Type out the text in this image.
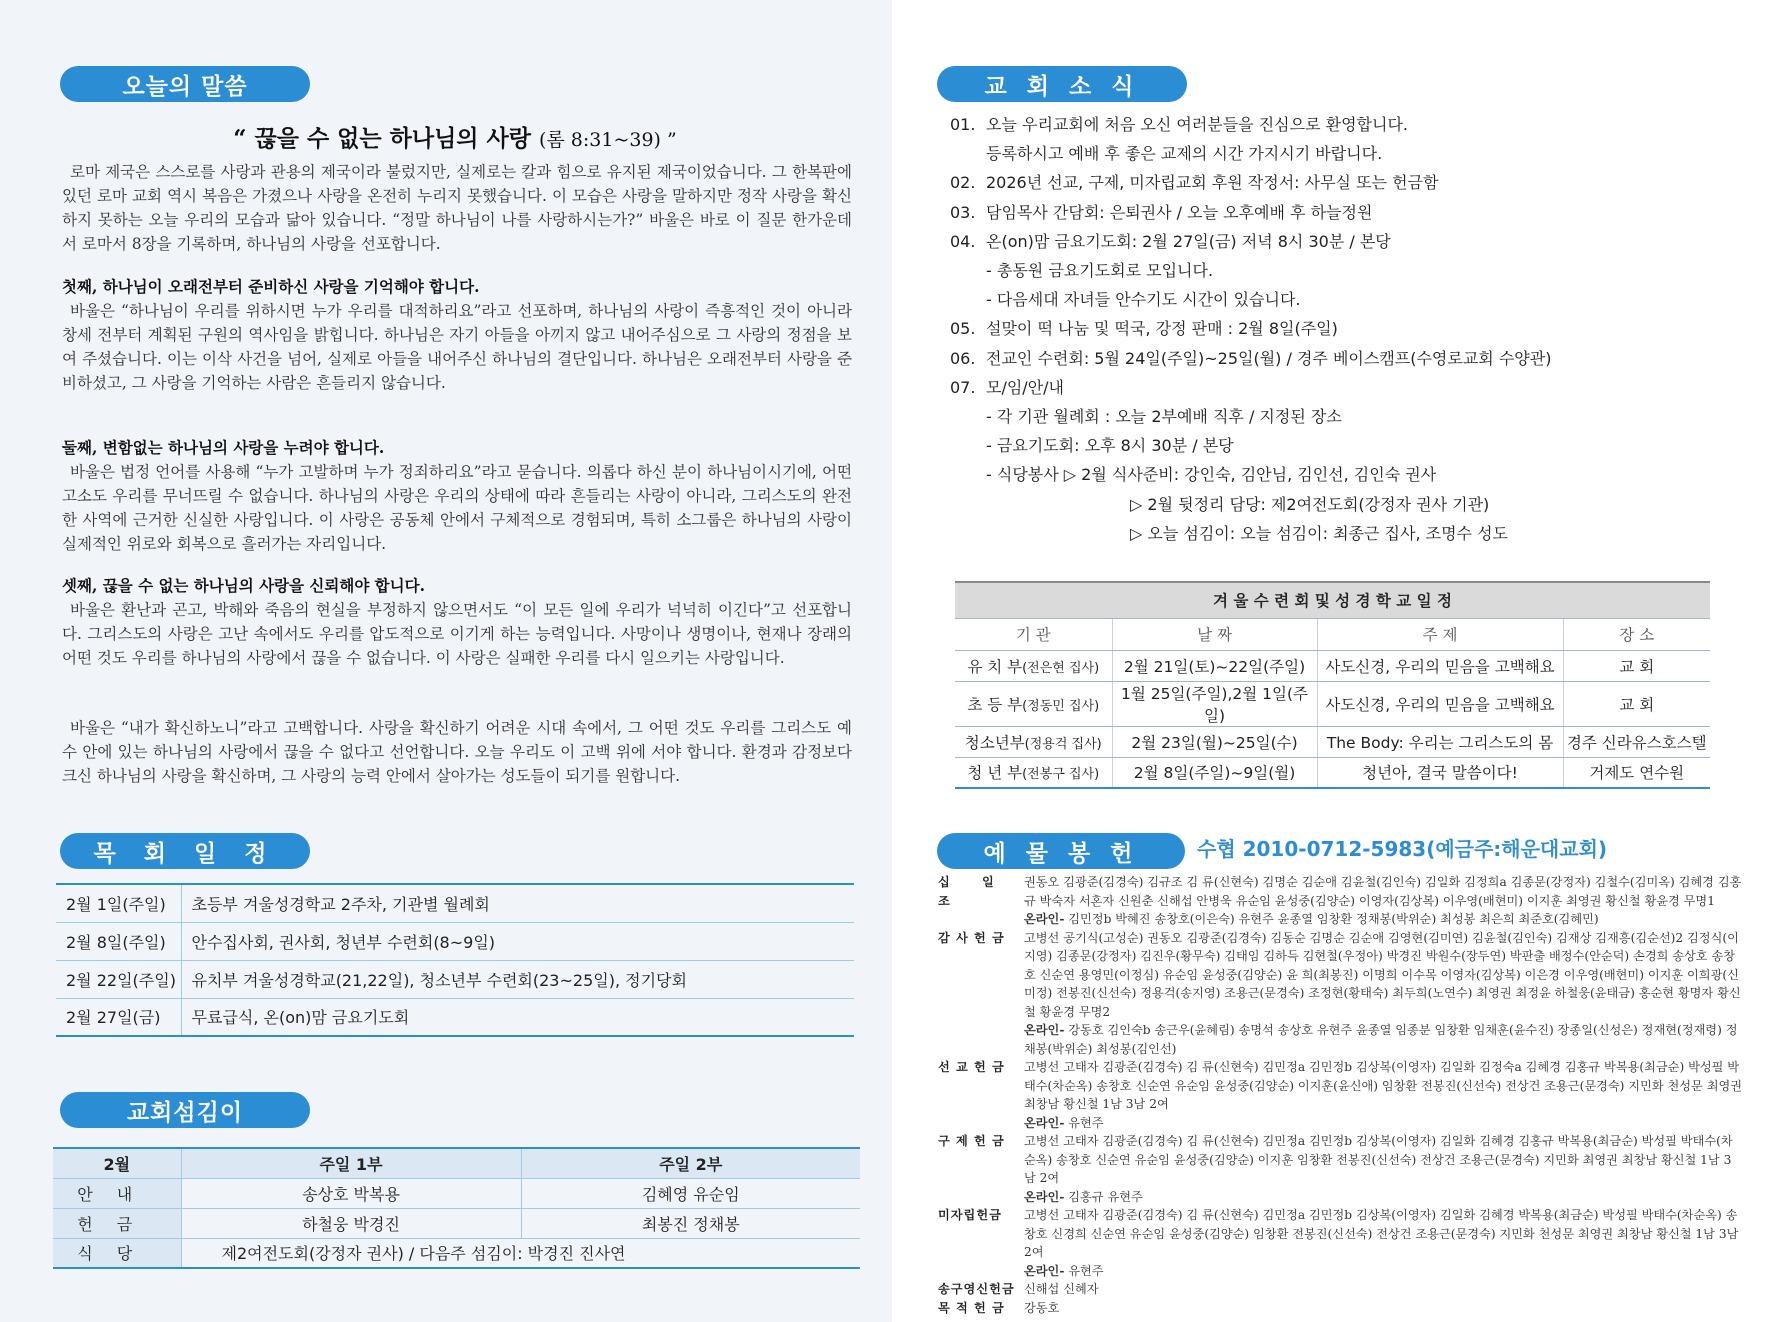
오늘의 말씀
“ 끊을 수 없는 하나님의 사랑 (롬 8:31~39) ”
로마 제국은 스스로를 사랑과 관용의 제국이라 불렀지만, 실제로는 칼과 힘으로 유지된 제국이었습니다. 그 한복판에 있던 로마 교회 역시 복음은 가졌으나 사랑을 온전히 누리지 못했습니다. 이 모습은 사랑을 말하지만 정작 사랑을 확신하지 못하는 오늘 우리의 모습과 닮아 있습니다. “정말 하나님이 나를 사랑하시는가?” 바울은 바로 이 질문 한가운데서 로마서 8장을 기록하며, 하나님의 사랑을 선포합니다.
첫째, 하나님이 오래전부터 준비하신 사랑을 기억해야 합니다.
바울은 “하나님이 우리를 위하시면 누가 우리를 대적하리요”라고 선포하며, 하나님의 사랑이 즉흥적인 것이 아니라 창세 전부터 계획된 구원의 역사임을 밝힙니다. 하나님은 자기 아들을 아끼지 않고 내어주심으로 그 사랑의 정점을 보여 주셨습니다. 이는 이삭 사건을 넘어, 실제로 아들을 내어주신 하나님의 결단입니다. 하나님은 오래전부터 사랑을 준비하셨고, 그 사랑을 기억하는 사람은 흔들리지 않습니다.
둘째, 변함없는 하나님의 사랑을 누려야 합니다.
바울은 법정 언어를 사용해 “누가 고발하며 누가 정죄하리요”라고 묻습니다. 의롭다 하신 분이 하나님이시기에, 어떤 고소도 우리를 무너뜨릴 수 없습니다. 하나님의 사랑은 우리의 상태에 따라 흔들리는 사랑이 아니라, 그리스도의 완전한 사역에 근거한 신실한 사랑입니다. 이 사랑은 공동체 안에서 구체적으로 경험되며, 특히 소그룹은 하나님의 사랑이 실제적인 위로와 회복으로 흘러가는 자리입니다.
셋째, 끊을 수 없는 하나님의 사랑을 신뢰해야 합니다.
바울은 환난과 곤고, 박해와 죽음의 현실을 부정하지 않으면서도 “이 모든 일에 우리가 넉넉히 이긴다”고 선포합니다. 그리스도의 사랑은 고난 속에서도 우리를 압도적으로 이기게 하는 능력입니다. 사망이나 생명이나, 현재나 장래의 어떤 것도 우리를 하나님의 사랑에서 끊을 수 없습니다. 이 사랑은 실패한 우리를 다시 일으키는 사랑입니다.
바울은 “내가 확신하노니”라고 고백합니다. 사랑을 확신하기 어려운 시대 속에서, 그 어떤 것도 우리를 그리스도 예수 안에 있는 하나님의 사랑에서 끊을 수 없다고 선언합니다. 오늘 우리도 이 고백 위에 서야 합니다. 환경과 감정보다 크신 하나님의 사랑을 확신하며, 그 사랑의 능력 안에서 살아가는 성도들이 되기를 원합니다.
목 회 일 정
2월 1일(주일)	초등부 겨울성경학교 2주차, 기관별 월례회
2월 8일(주일)	안수집사회, 권사회, 청년부 수련회(8~9일)
2월 22일(주일)	유치부 겨울성경학교(21,22일), 청소년부 수련회(23~25일), 정기당회
2월 27일(금)	무료급식, 온(on)맘 금요기도회
교회섬김이
2월	주일 1부	주일 2부
안내	송상호 박복용	김혜영 유순임
헌금	하철웅 박경진	최봉진 정채봉
식당	제2여전도회(강정자 권사) / 다음주 섬김이: 박경진 진사연	
교 회 소 식
01. 오늘 우리교회에 처음 오신 여러분들을 진심으로 환영합니다.
등록하시고 예배 후 좋은 교제의 시간 가지시기 바랍니다.
02. 2026년 선교, 구제, 미자립교회 후원 작정서: 사무실 또는 헌금함
03. 담임목사 간담회: 은퇴권사 / 오늘 오후예배 후 하늘정원
04. 온(on)맘 금요기도회: 2월 27일(금) 저녁 8시 30분 / 본당
- 총동원 금요기도회로 모입니다.
- 다음세대 자녀들 안수기도 시간이 있습니다.
05. 설맞이 떡 나눔 및 떡국, 강정 판매 : 2월 8일(주일)
06. 전교인 수련회: 5월 24일(주일)~25일(월) / 경주 베이스캠프(수영로교회 수양관)
07. 모/임/안/내
- 각 기관 월례회 : 오늘 2부예배 직후 / 지정된 장소
- 금요기도회: 오후 8시 30분 / 본당
- 식당봉사 ▷ 2월 식사준비: 강인숙, 김안님, 김인선, 김인숙 권사
▷ 2월 뒷정리 담당: 제2여전도회(강정자 권사 기관)
▷ 오늘 섬김이: 오늘 섬김이: 최종근 집사, 조명수 성도
겨 울 수 련 회 및 성 경 학 교 일 정			
기 관	날 짜	주 제	장 소
유 치 부(전은현 집사)	2월 21일(토)~22일(주일)	사도신경, 우리의 믿음을 고백해요	교 회
초 등 부(정동민 집사)	1월 25일(주일),2월 1일(주일)	사도신경, 우리의 믿음을 고백해요	교 회
청소년부(정용걱 집사)	2월 23일(월)~25일(수)	The Body: 우리는 그리스도의 몸	경주 신라유스호스텔
청 년 부(전봉구 집사)	2월 8일(주일)~9일(월)	청년아, 결국 말씀이다!	거제도 연수원
예 물 봉 헌	수협 2010-0712-5983(예금주:해운대교회)
십 일 조
권동오 김광준(김경숙) 김규조 김 류(신현숙) 김명순 김순애 김윤철(김인숙) 김일화 김정희a 김종문(강정자) 김철수(김미옥) 김혜경 김홍규 박숙자 서혼자 신원춘 신해섭 안병욱 유순임 윤성중(김양순) 이영자(김상복) 이우영(배현미) 이지훈 최영권 황신철 황윤경 무명1
온라인- 김민정b 박혜진 송창호(이은숙) 유현주 윤종열 임창환 정채봉(박위순) 최성봉 최은희 최준호(김혜민)
감 사 헌 금	고병선 공기식(고성순) 권동오 김광준(김경숙) 김동순 김명순 김순애 김영현(김미연) 김윤철(김인숙) 김재상 김재흥(김순선)2 김정식(이지영) 김종문(강정자) 김진우(황무숙) 김태임 김하득 김현철(우정아) 박경진 박원수(장두연) 박판출 배정수(안순덕) 손경희 송상호 송창호 신순연 용영민(이정심) 유순임 윤성중(김양순) 윤 희(최봉진) 이명희 이수목 이영자(김상복) 이은경 이우영(배현미) 이지훈 이희광(신미정) 전봉진(신선숙) 정용걱(송지영) 조용근(문경숙) 조정현(황태숙) 최두희(노연수) 최영권 최정윤 하철웅(윤태금) 홍순현 황명자 황신철 황윤경 무명2
온라인- 강동호 김인숙b 송근우(윤혜림) 송명석 송상호 유현주 윤종열 임종분 임창환 임채훈(윤수진) 장종일(신성은) 정재현(정재령) 정채봉(박위순) 최성봉(김인선)
선 교 헌 금	고병선 고태자 김광준(김경숙) 김 류(신현숙) 김민정a 김민정b 김상복(이영자) 김일화 김정숙a 김혜경 김홍규 박복용(최금순) 박성필 박태수(차순옥) 송창호 신순연 유순임 윤성중(김양순) 이지훈(윤신애) 임창환 전봉진(신선숙) 전상건 조용근(문경숙) 지민화 천성문 최영권 최창남 황신철 1남 3남 2여
온라인- 유현주
구 제 헌 금	고병선 고태자 김광준(김경숙) 김 류(신현숙) 김민정a 김민정b 김상복(이영자) 김일화 김혜경 김홍규 박복용(최금순) 박성필 박태수(차순옥) 송창호 신순연 유순임 윤성중(김양순) 이지훈 임창환 전봉진(신선숙) 전상건 조용근(문경숙) 지민화 최영권 최창남 황신철 1남 3남 2여
온라인- 김홍규 유현주
미자립헌금	고병선 고태자 김광준(김경숙) 김 류(신현숙) 김민정a 김민정b 김상복(이영자) 김일화 김혜경 박복용(최금순) 박성필 박태수(차순옥) 송창호 신경희 신순연 유순임 윤성중(김양순) 임창환 전봉진(신선숙) 전상건 조용근(문경숙) 지민화 천성문 최영권 최창남 황신철 1남 3남 2여
온라인- 유현주
송구영신헌금 신해섭 신혜자
목 적 헌 금	강동호
